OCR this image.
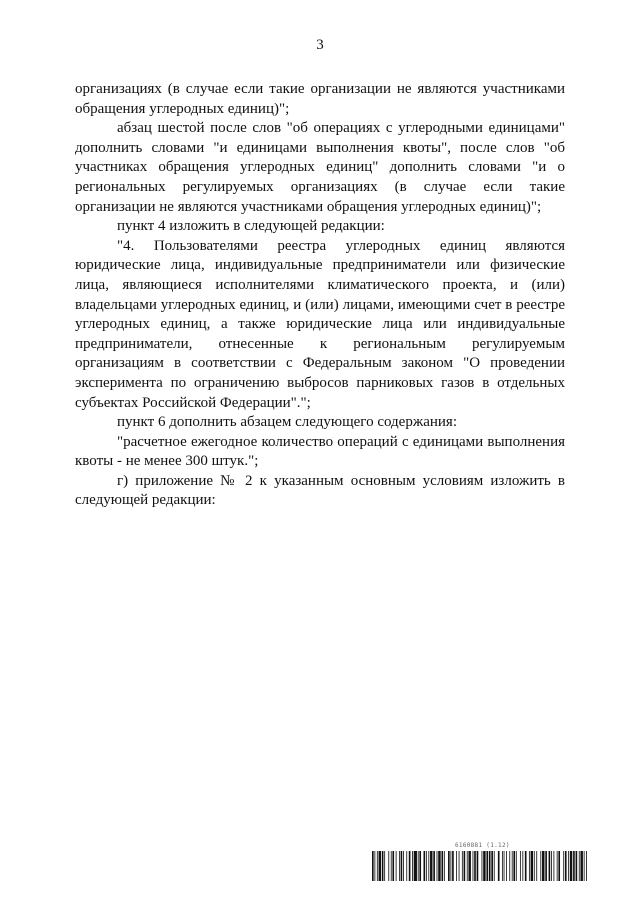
3

организациях (в случае если такие организации не являются участниками обращения углеродных единиц)";

абзац шестой после слов "об операциях с углеродными единицами" дополнить словами "и единицами выполнения квоты", после слов "об участниках обращения углеродных единиц" дополнить словами "и о региональных регулируемых организациях (в случае если такие организации не являются участниками обращения углеродных единиц)";

пункт 4 изложить в следующей редакции:

"4. Пользователями реестра углеродных единиц являются юридические лица, индивидуальные предприниматели или физические лица, являющиеся исполнителями климатического проекта, и (или) владельцами углеродных единиц, и (или) лицами, имеющими счет в реестре углеродных единиц, а также юридические лица или индивидуальные предприниматели, отнесенные к региональным регулируемым организациям в соответствии с Федеральным законом "О проведении эксперимента по ограничению выбросов парниковых газов в отдельных субъектах Российской Федерации".";

пункт 6 дополнить абзацем следующего содержания:

"расчетное ежегодное количество операций с единицами выполнения квоты - не менее 300 штук.";

г) приложение № 2 к указанным основным условиям изложить в следующей редакции:

6160881 (1.12)
